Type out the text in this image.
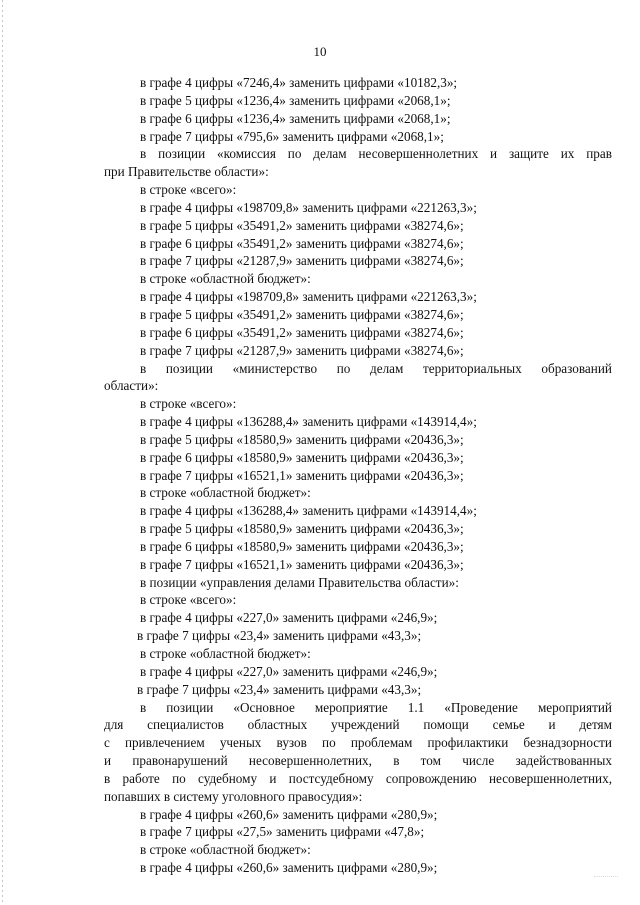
10
в графе 4 цифры «7246,4» заменить цифрами «10182,3»;
в графе 5 цифры «1236,4» заменить цифрами «2068,1»;
в графе 6 цифры «1236,4» заменить цифрами «2068,1»;
в графе 7 цифры «795,6» заменить цифрами «2068,1»;
в позиции «комиссия по делам несовершеннолетних и защите их прав
при Правительстве области»:
в строке «всего»:
в графе 4 цифры «198709,8» заменить цифрами «221263,3»;
в графе 5 цифры «35491,2» заменить цифрами «38274,6»;
в графе 6 цифры «35491,2» заменить цифрами «38274,6»;
в графе 7 цифры «21287,9» заменить цифрами «38274,6»;
в строке «областной бюджет»:
в графе 4 цифры «198709,8» заменить цифрами «221263,3»;
в графе 5 цифры «35491,2» заменить цифрами «38274,6»;
в графе 6 цифры «35491,2» заменить цифрами «38274,6»;
в графе 7 цифры «21287,9» заменить цифрами «38274,6»;
в позиции «министерство по делам территориальных образований
области»:
в строке «всего»:
в графе 4 цифры «136288,4» заменить цифрами «143914,4»;
в графе 5 цифры «18580,9» заменить цифрами «20436,3»;
в графе 6 цифры «18580,9» заменить цифрами «20436,3»;
в графе 7 цифры «16521,1» заменить цифрами «20436,3»;
в строке «областной бюджет»:
в графе 4 цифры «136288,4» заменить цифрами «143914,4»;
в графе 5 цифры «18580,9» заменить цифрами «20436,3»;
в графе 6 цифры «18580,9» заменить цифрами «20436,3»;
в графе 7 цифры «16521,1» заменить цифрами «20436,3»;
в позиции «управления делами Правительства области»:
в строке «всего»:
в графе 4 цифры «227,0» заменить цифрами «246,9»;
в графе 7 цифры «23,4» заменить цифрами «43,3»;
в строке «областной бюджет»:
в графе 4 цифры «227,0» заменить цифрами «246,9»;
в графе 7 цифры «23,4» заменить цифрами «43,3»;
в позиции «Основное мероприятие 1.1 «Проведение мероприятий
для специалистов областных учреждений помощи семье и детям
с привлечением ученых вузов по проблемам профилактики безнадзорности
и правонарушений несовершеннолетних, в том числе задействованных
в работе по судебному и постсудебному сопровождению несовершеннолетних,
попавших в систему уголовного правосудия»:
в графе 4 цифры «260,6» заменить цифрами «280,9»;
в графе 7 цифры «27,5» заменить цифрами «47,8»;
в строке «областной бюджет»:
в графе 4 цифры «260,6» заменить цифрами «280,9»;
